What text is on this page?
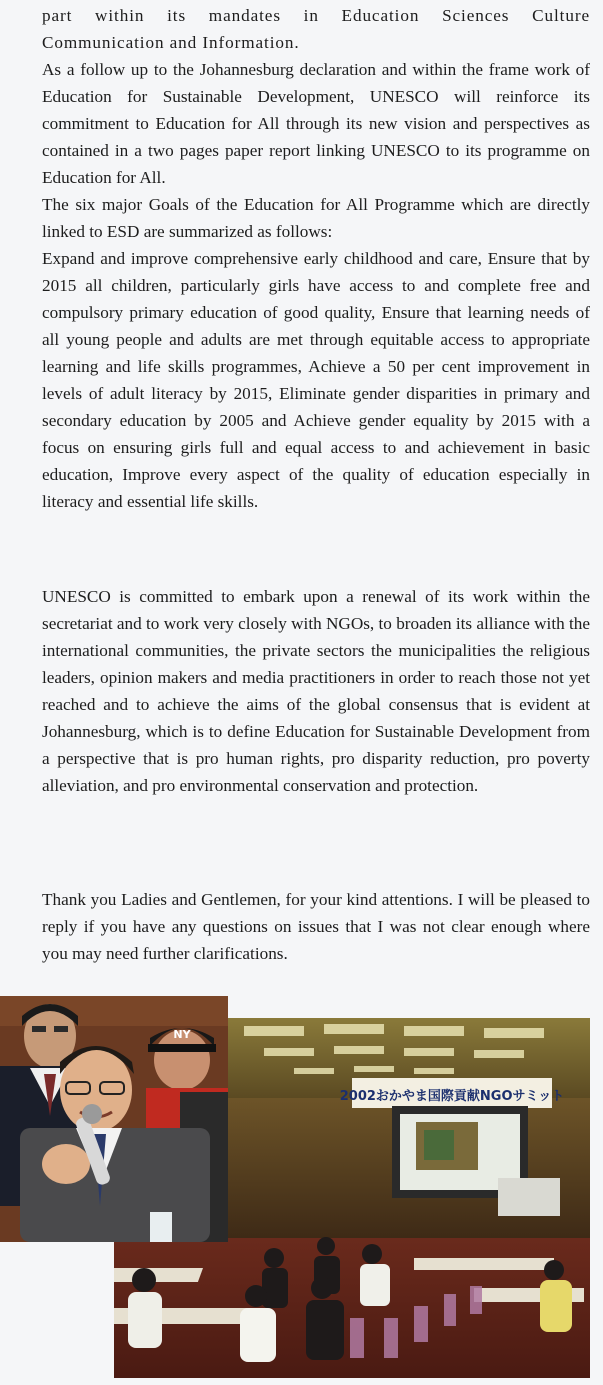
part within its mandates in Education Sciences Culture Communication and Information.

As a follow up to the Johannesburg declaration and within the frame work of Education for Sustainable Development, UNESCO will reinforce its commitment to Education for All through its new vision and perspectives as contained in a two pages paper report linking UNESCO to its programme on Education for All.

The six major Goals of the Education for All Programme which are directly linked to ESD are summarized as follows:

Expand and improve comprehensive early childhood and care, Ensure that by 2015 all children, particularly girls have access to and complete free and compulsory primary education of good quality, Ensure that learning needs of all young people and adults are met through equitable access to appropriate learning and life skills programmes, Achieve a 50 per cent improvement in levels of adult literacy by 2015, Eliminate gender disparities in primary and secondary education by 2005 and Achieve gender equality by 2015 with a focus on ensuring girls full and equal access to and achievement in basic education, Improve every aspect of the quality of education especially in literacy and essential life skills.

UNESCO is committed to embark upon a renewal of its work within the secretariat and to work very closely with NGOs, to broaden its alliance with the international communities, the private sectors the municipalities the religious leaders, opinion makers and media practitioners in order to reach those not yet reached and to achieve the aims of the global consensus that is evident at Johannesburg, which is to define Education for Sustainable Development from a perspective that is pro human rights, pro disparity reduction, pro poverty alleviation, and pro environmental conservation and protection.

Thank you Ladies and Gentlemen, for your kind attentions. I will be pleased to reply if you have any questions on issues that I was not clear enough where you may need further clarifications.

2002おかやま国際貢献NGOサミット
NY
